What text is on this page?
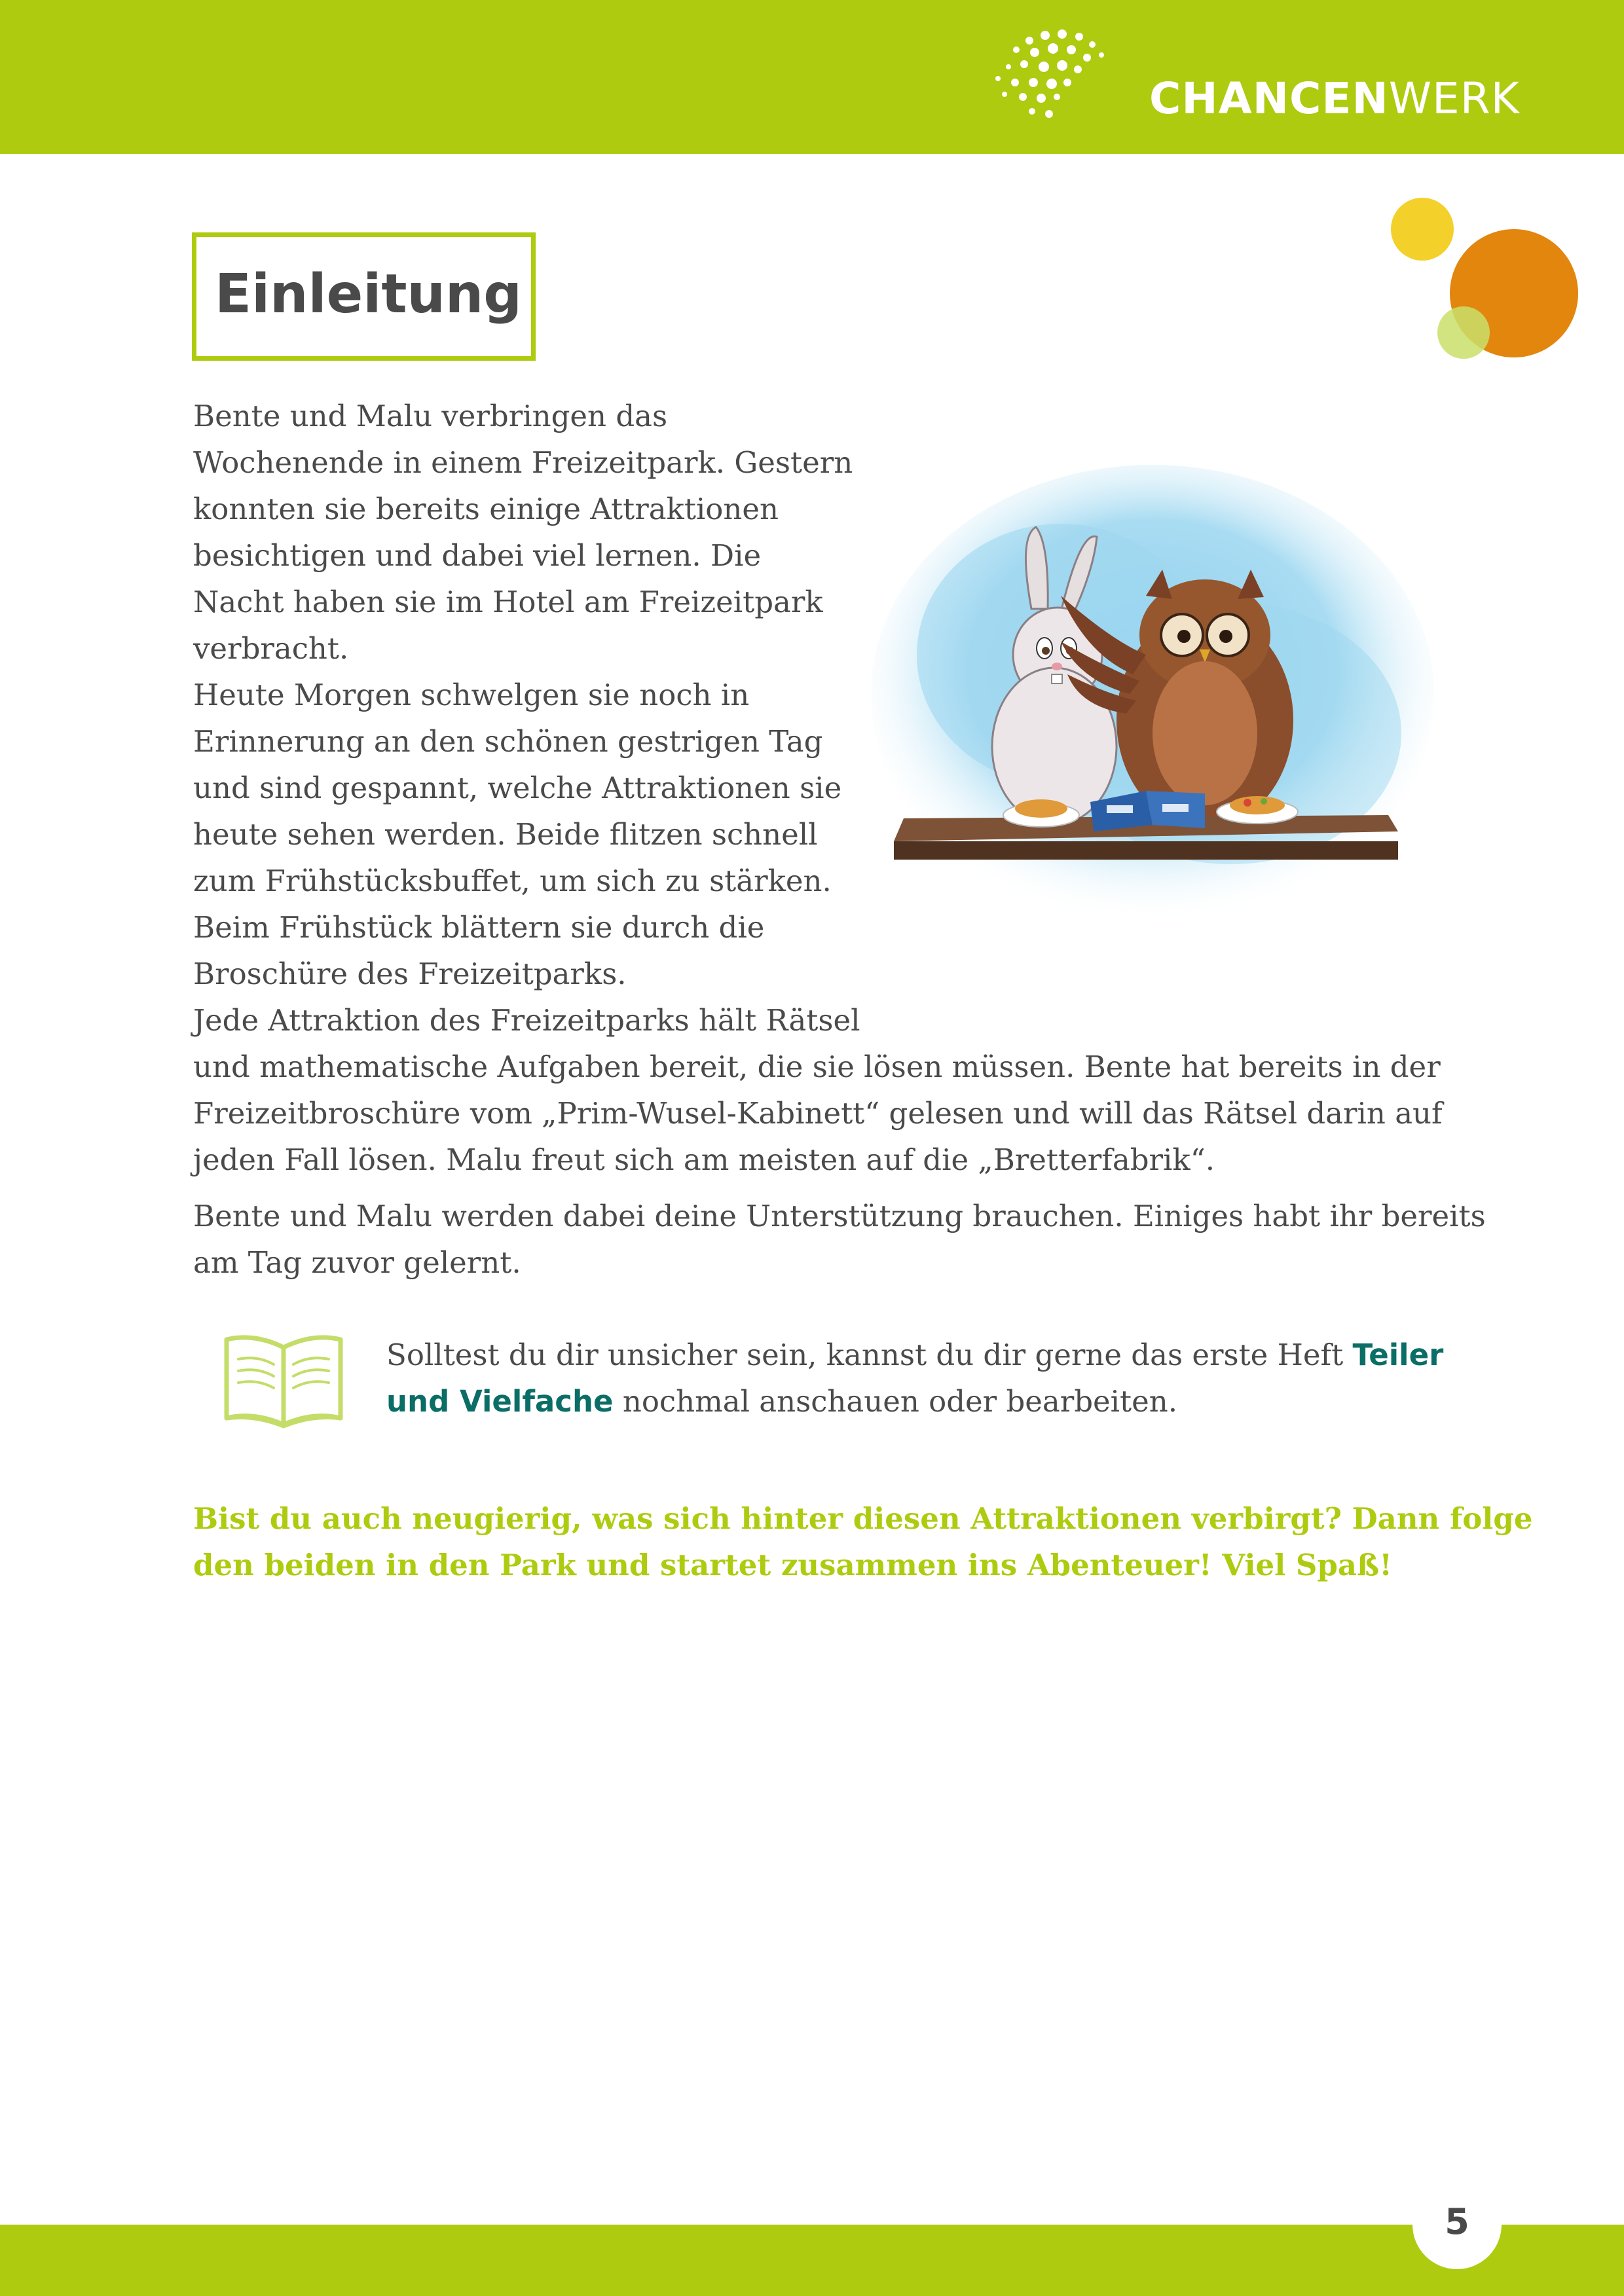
CHANCENWERK
Einleitung

Bente und Malu verbringen das
Wochenende in einem Freizeitpark. Gestern
konnten sie bereits einige Attraktionen
besichtigen und dabei viel lernen. Die
Nacht haben sie im Hotel am Freizeitpark
verbracht.
Heute Morgen schwelgen sie noch in
Erinnerung an den schönen gestrigen Tag
und sind gespannt, welche Attraktionen sie
heute sehen werden. Beide flitzen schnell
zum Frühstücksbuffet, um sich zu stärken.
Beim Frühstück blättern sie durch die
Broschüre des Freizeitparks.
Jede Attraktion des Freizeitparks hält Rätsel
und mathematische Aufgaben bereit, die sie lösen müssen. Bente hat bereits in der
Freizeitbroschüre vom „Prim-Wusel-Kabinett“ gelesen und will das Rätsel darin auf
jeden Fall lösen. Malu freut sich am meisten auf die „Bretterfabrik“.

Bente und Malu werden dabei deine Unterstützung brauchen. Einiges habt ihr bereits
am Tag zuvor gelernt.

Solltest du dir unsicher sein, kannst du dir gerne das erste Heft Teiler
und Vielfache nochmal anschauen oder bearbeiten.
Bist du auch neugierig, was sich hinter diesen Attraktionen verbirgt? Dann folge
den beiden in den Park und startet zusammen ins Abenteuer! Viel Spaß!
5
